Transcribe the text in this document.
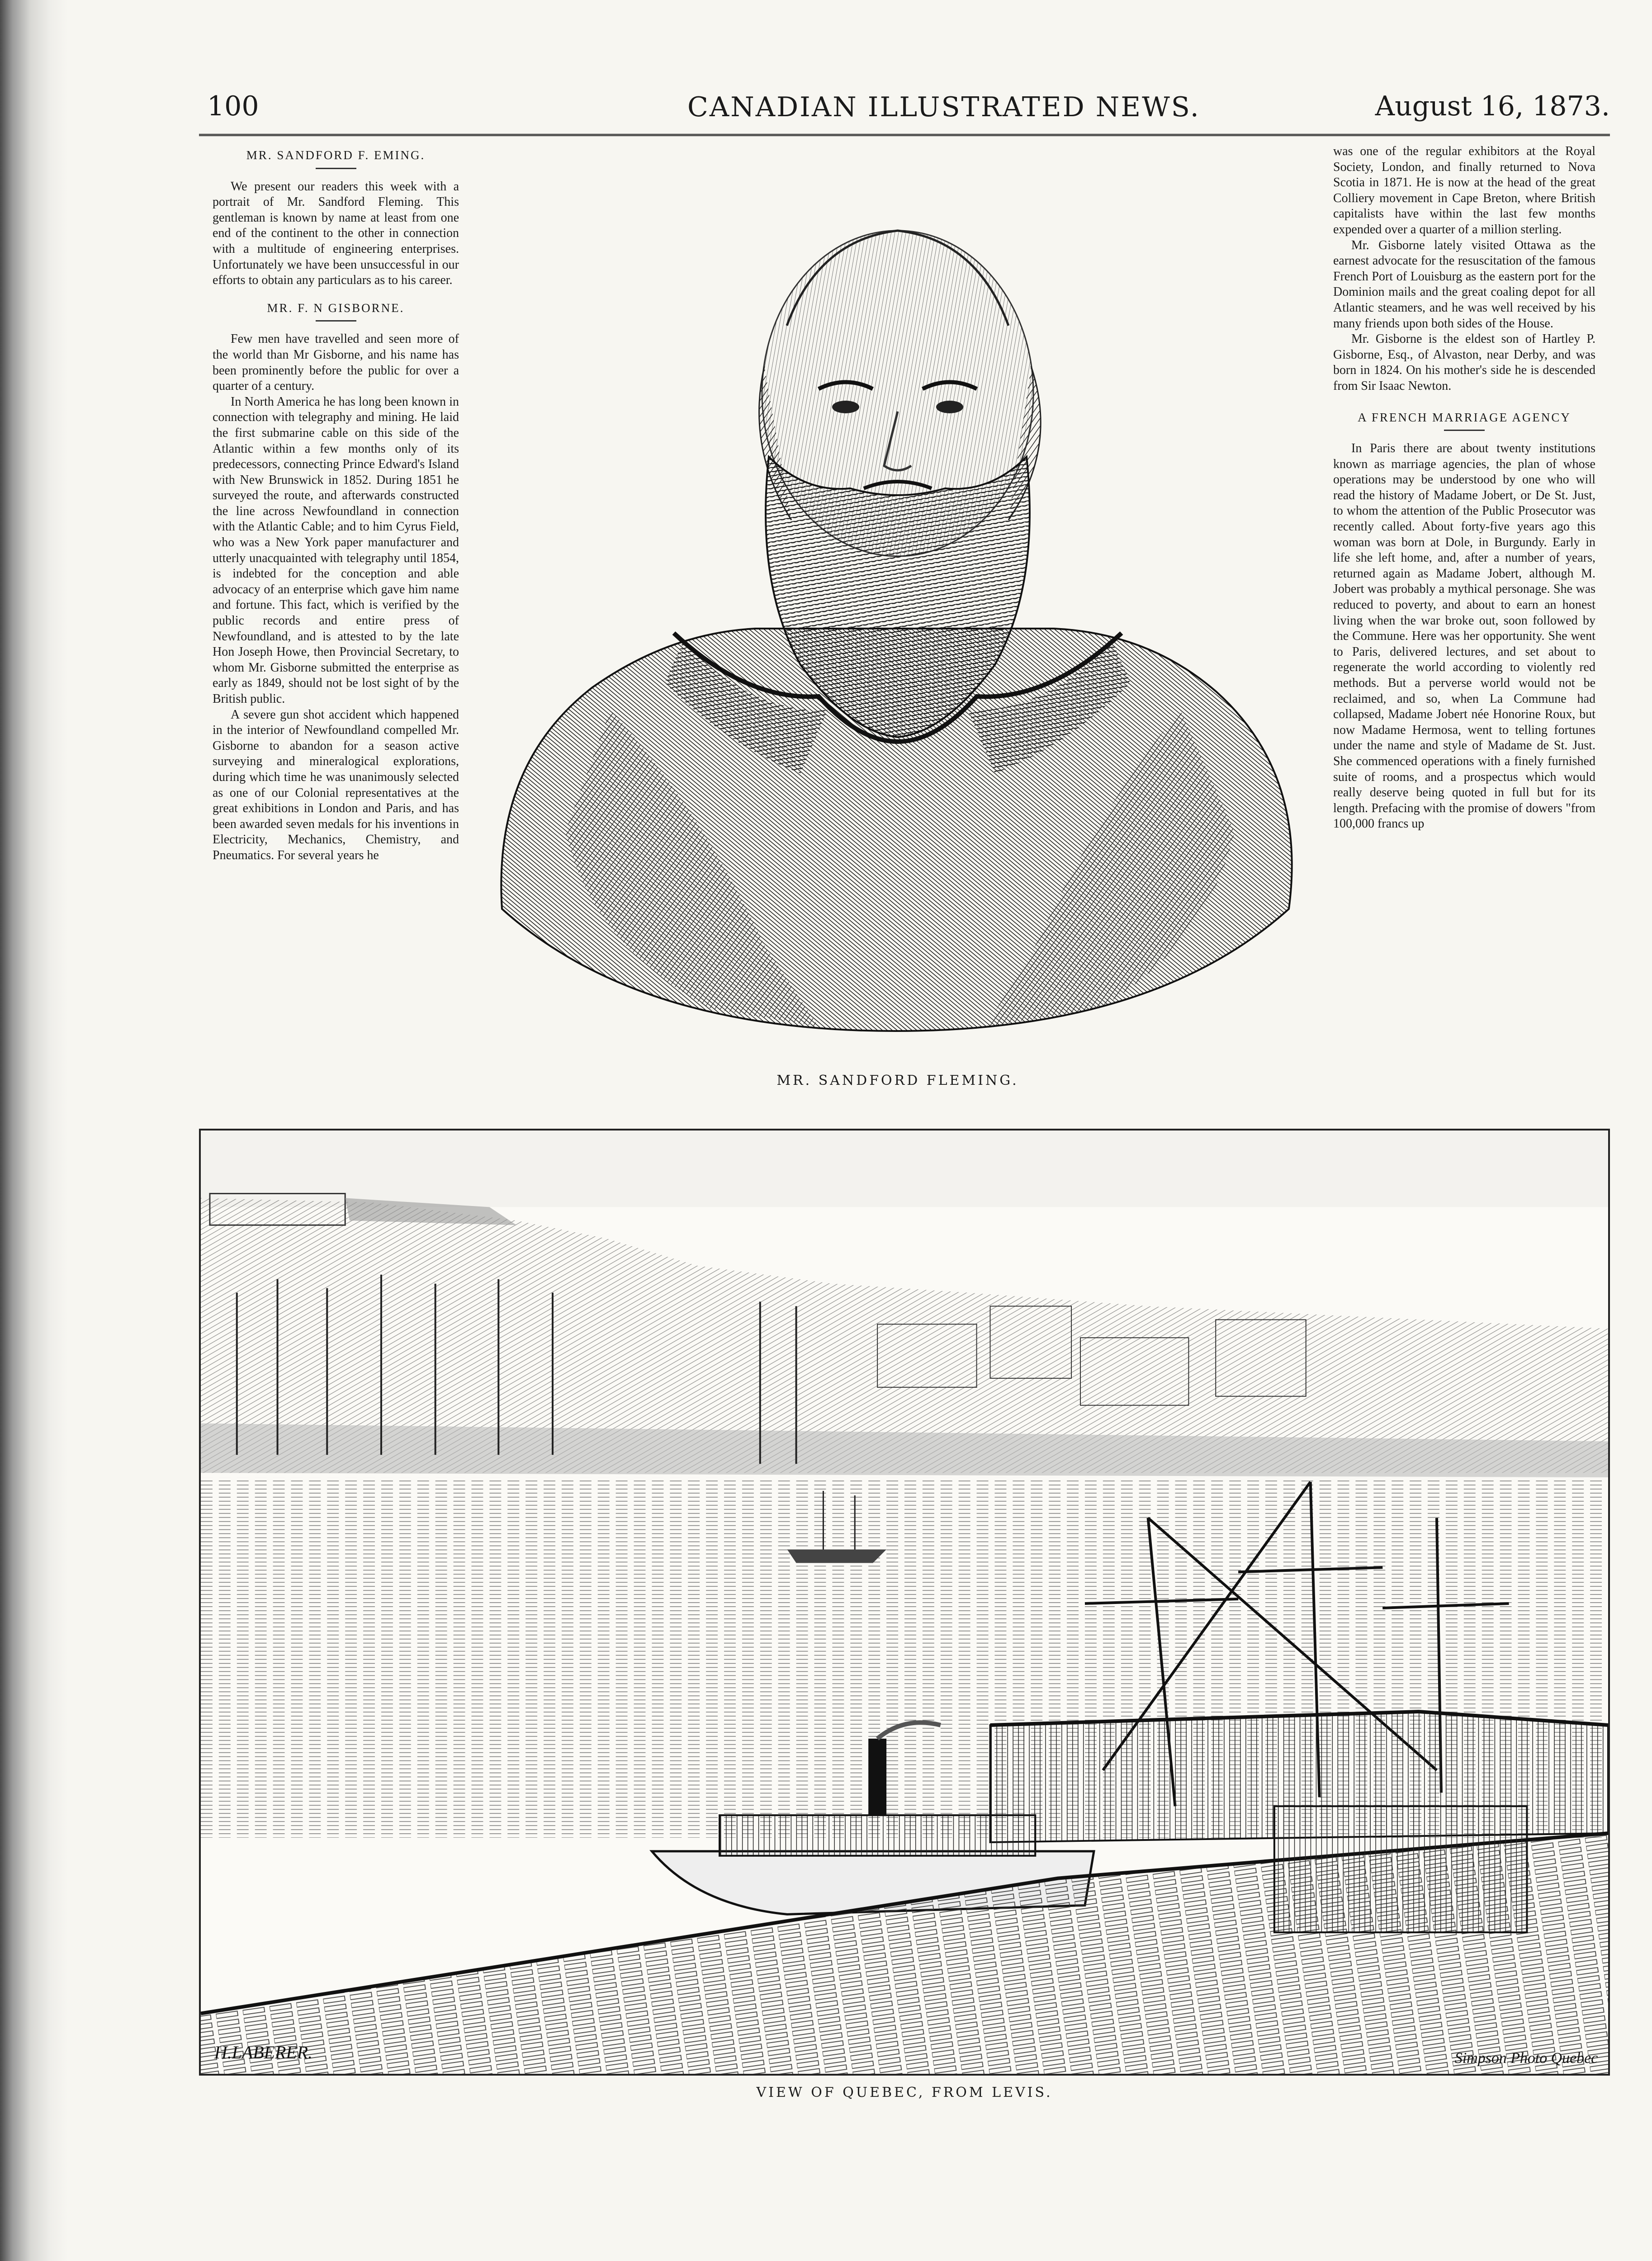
100	CANADIAN ILLUSTRATED NEWS.	August 16, 1873.
MR. SANDFORD F. EMING.

We present our readers this week with a portrait of Mr. Sandford Fleming. This gentleman is known by name at least from one end of the continent to the other in connection with a multitude of engineering enterprises. Unfortunately we have been unsuccessful in our efforts to obtain any particulars as to his career.

MR. F. N GISBORNE.

Few men have travelled and seen more of the world than Mr Gisborne, and his name has been prominently before the public for over a quarter of a century.

In North America he has long been known in connection with telegraphy and mining. He laid the first submarine cable on this side of the Atlantic within a few months only of its predecessors, connecting Prince Edward's Island with New Brunswick in 1852. During 1851 he surveyed the route, and afterwards constructed the line across Newfoundland in connection with the Atlantic Cable; and to him Cyrus Field, who was a New York paper manufacturer and utterly unacquainted with telegraphy until 1854, is indebted for the conception and able advocacy of an enterprise which gave him name and fortune. This fact, which is verified by the public records and entire press of Newfoundland, and is attested to by the late Hon Joseph Howe, then Provincial Secretary, to whom Mr. Gisborne submitted the enterprise as early as 1849, should not be lost sight of by the British public.

A severe gun shot accident which happened in the interior of Newfoundland compelled Mr. Gisborne to abandon for a season active surveying and mineralogical explorations, during which time he was unanimously selected as one of our Colonial representatives at the great exhibitions in London and Paris, and has been awarded seven medals for his inventions in Electricity, Mechanics, Chemistry, and Pneumatics. For several years he

MR. SANDFORD FLEMING.

was one of the regular exhibitors at the Royal Society, London, and finally returned to Nova Scotia in 1871. He is now at the head of the great Colliery movement in Cape Breton, where British capitalists have within the last few months expended over a quarter of a million sterling.

Mr. Gisborne lately visited Ottawa as the earnest advocate for the resuscitation of the famous French Port of Louisburg as the eastern port for the Dominion mails and the great coaling depot for all Atlantic steamers, and he was well received by his many friends upon both sides of the House.

Mr. Gisborne is the eldest son of Hartley P. Gisborne, Esq., of Alvaston, near Derby, and was born in 1824. On his mother's side he is descended from Sir Isaac Newton.

A FRENCH MARRIAGE AGENCY

In Paris there are about twenty institutions known as marriage agencies, the plan of whose operations may be understood by one who will read the history of Madame Jobert, or De St. Just, to whom the attention of the Public Prosecutor was recently called. About forty-five years ago this woman was born at Dole, in Burgundy. Early in life she left home, and, after a number of years, returned again as Madame Jobert, although M. Jobert was probably a mythical personage. She was reduced to poverty, and about to earn an honest living when the war broke out, soon followed by the Commune. Here was her opportunity. She went to Paris, delivered lectures, and set about to regenerate the world according to violently red methods. But a perverse world would not be reclaimed, and so, when La Commune had collapsed, Madame Jobert née Honorine Roux, but now Madame Hermosa, went to telling fortunes under the name and style of Madame de St. Just. She commenced operations with a finely furnished suite of rooms, and a prospectus which would really deserve being quoted in full but for its length. Prefacing with the promise of dowers "from 100,000 francs up

H.LABERER.	Simpson Photo Quebec
VIEW OF QUEBEC, FROM LEVIS.
